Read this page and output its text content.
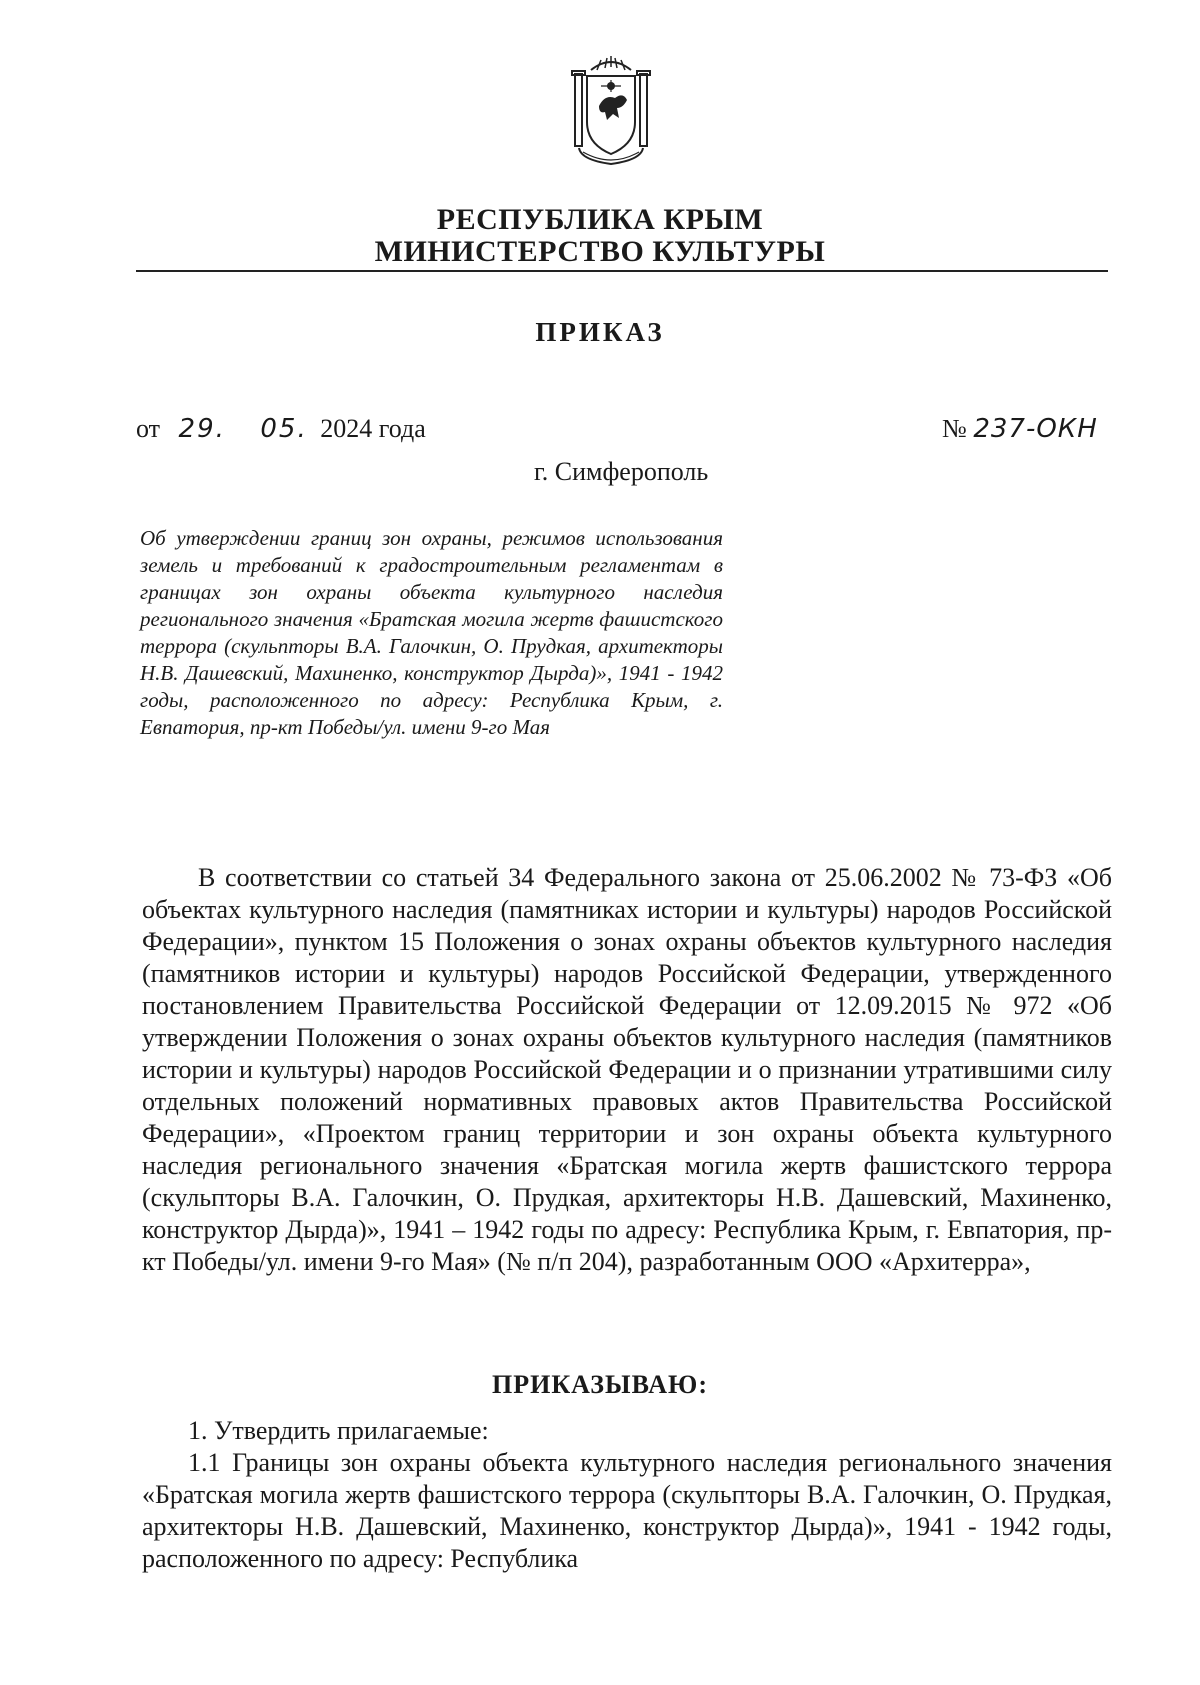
РЕСПУБЛИКА КРЫМ
МИНИСТЕРСТВО КУЛЬТУРЫ
ПРИКАЗ
от 29. 05. 2024 года	№ 237-ОКН
г. Симферополь
Об утверждении границ зон охраны, режимов использования земель и требований к градостроительным регламентам в границах зон охраны объекта культурного наследия регионального значения «Братская могила жертв фашистского террора (скульпторы В.А. Галочкин, О. Прудкая, архитекторы Н.В. Дашевский, Махиненко, конструктор Дырда)», 1941 - 1942 годы, расположенного по адресу: Республика Крым, г. Евпатория, пр-кт Победы/ул. имени 9-го Мая
В соответствии со статьей 34 Федерального закона от 25.06.2002 № 73-ФЗ «Об объектах культурного наследия (памятниках истории и культуры) народов Российской Федерации», пунктом 15 Положения о зонах охраны объектов культурного наследия (памятников истории и культуры) народов Российской Федерации, утвержденного постановлением Правительства Российской Федерации от 12.09.2015 № 972 «Об утверждении Положения о зонах охраны объектов культурного наследия (памятников истории и культуры) народов Российской Федерации и о признании утратившими силу отдельных положений нормативных правовых актов Правительства Российской Федерации», «Проектом границ территории и зон охраны объекта культурного наследия регионального значения «Братская могила жертв фашистского террора (скульпторы В.А. Галочкин, О. Прудкая, архитекторы Н.В. Дашевский, Махиненко, конструктор Дырда)», 1941 – 1942 годы по адресу: Республика Крым, г. Евпатория, пр-кт Победы/ул. имени 9-го Мая» (№ п/п 204), разработанным ООО «Архитерра»,
ПРИКАЗЫВАЮ:
1. Утвердить прилагаемые:
1.1 Границы зон охраны объекта культурного наследия регионального значения «Братская могила жертв фашистского террора (скульпторы В.А. Галочкин, О. Прудкая, архитекторы Н.В. Дашевский, Махиненко, конструктор Дырда)», 1941 - 1942 годы, расположенного по адресу: Республика
